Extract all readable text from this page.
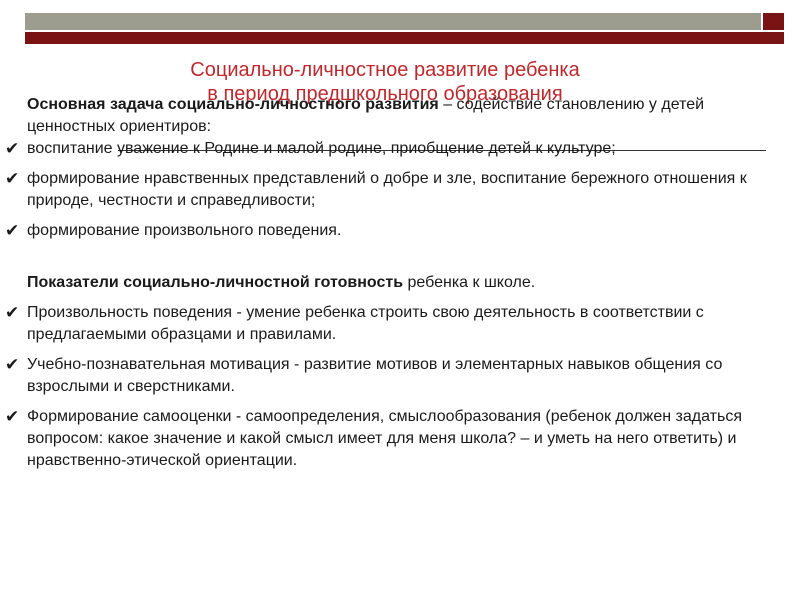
Социально-личностное развитие ребенка
в период предшкольного образования

Основная задача социально-личностного развития – содействие становлению у детей ценностных ориентиров:

✔ воспитание уважение к Родине и малой родине, приобщение детей к культуре;

✔ формирование нравственных представлений о добре и зле, воспитание бережного отношения к природе, честности и справедливости;

✔ формирование произвольного поведения.

Показатели социально-личностной готовность ребенка к школе.

✔ Произвольность поведения - умение ребенка строить свою деятельность в соответствии с предлагаемыми образцами и правилами.

✔ Учебно-познавательная мотивация - развитие мотивов и элементарных навыков общения со взрослыми и сверстниками.

✔ Формирование самооценки - самоопределения, смыслообразования (ребенок должен задаться вопросом: какое значение и какой смысл имеет для меня школа? – и уметь на него ответить) и нравственно-этической ориентации.
